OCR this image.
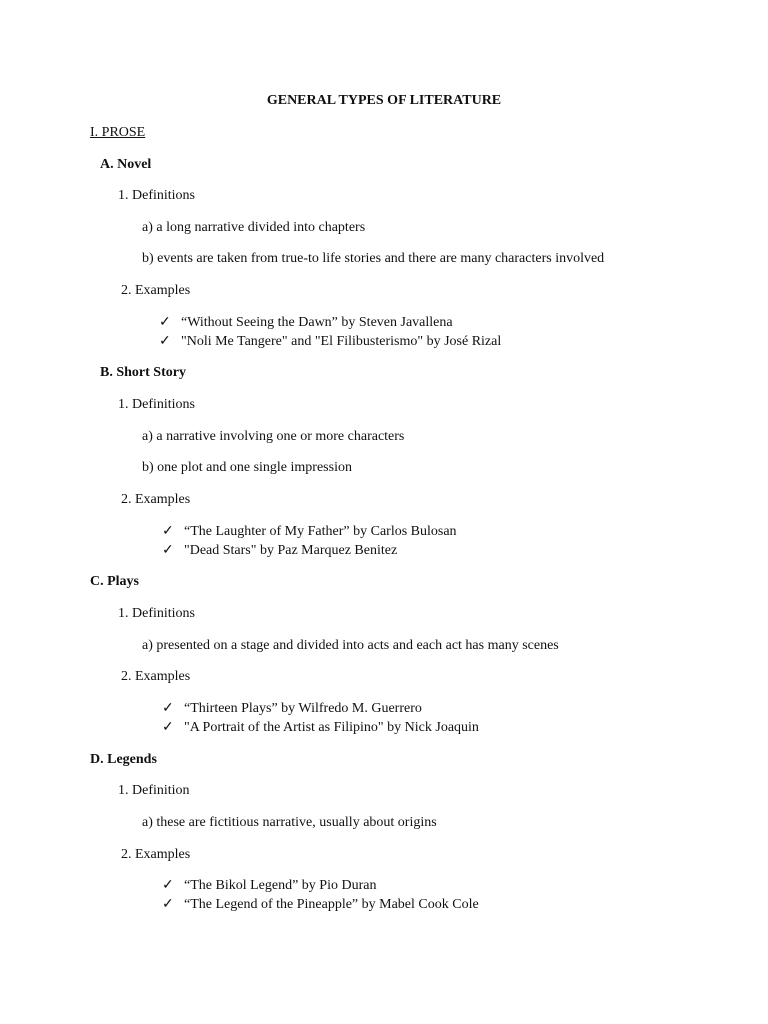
GENERAL TYPES OF LITERATURE
I. PROSE
A. Novel
1. Definitions
a) a long narrative divided into chapters
b) events are taken from true-to life stories and there are many characters involved
2. Examples
✓ “Without Seeing the Dawn” by Steven Javallena
✓ "Noli Me Tangere" and "El Filibusterismo" by José Rizal
B. Short Story
1. Definitions
a) a narrative involving one or more characters
b) one plot and one single impression
2. Examples
✓ “The Laughter of My Father” by Carlos Bulosan
✓ "Dead Stars" by Paz Marquez Benitez
C. Plays
1. Definitions
a) presented on a stage and divided into acts and each act has many scenes
2. Examples
✓ “Thirteen Plays” by Wilfredo M. Guerrero
✓ "A Portrait of the Artist as Filipino" by Nick Joaquin
D. Legends
1. Definition
a) these are fictitious narrative, usually about origins
2. Examples
✓ “The Bikol Legend” by Pio Duran
✓ “The Legend of the Pineapple” by Mabel Cook Cole
